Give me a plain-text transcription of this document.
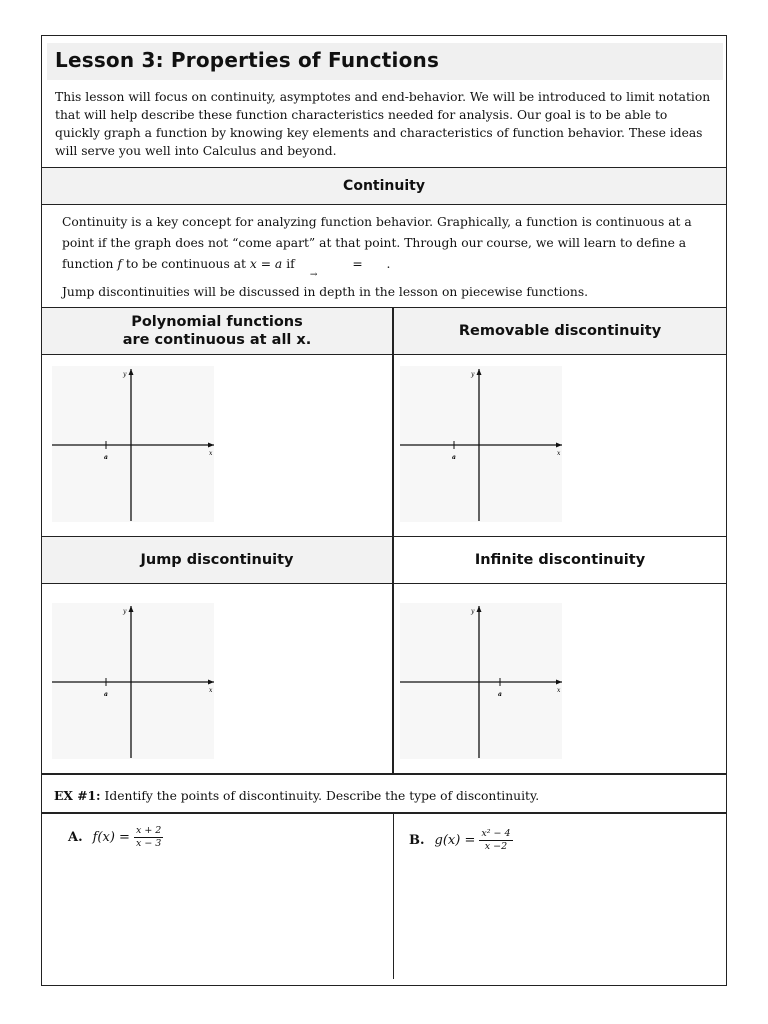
Lesson 3: Properties of Functions
This lesson will focus on continuity, asymptotes and end-behavior. We will be introduced to limit notation that will help describe these function characteristics needed for analysis. Our goal is to be able to quickly graph a function by knowing key elements and characteristics of function behavior. These ideas will serve you well into Calculus and beyond.
Continuity
Continuity is a key concept for analyzing function behavior. Graphically, a function is continuous at a point if the graph does not “come apart” at that point. Through our course, we will learn to define a function f to be continuous at x = a if → = .
Jump discontinuities will be discussed in depth in the lesson on piecewise functions.
Polynomial functions
are continuous at all x.
Removable discontinuity
Jump discontinuity	Infinite discontinuity
y
x
a
y
x
a
y
x
a
y
x
a
EX #1: Identify the points of discontinuity. Describe the type of discontinuity.
A. $f(x) = \frac{x + 2}{x - 3}$	B. $g(x) = \frac{\text{x² − 4}}{x -2}$
